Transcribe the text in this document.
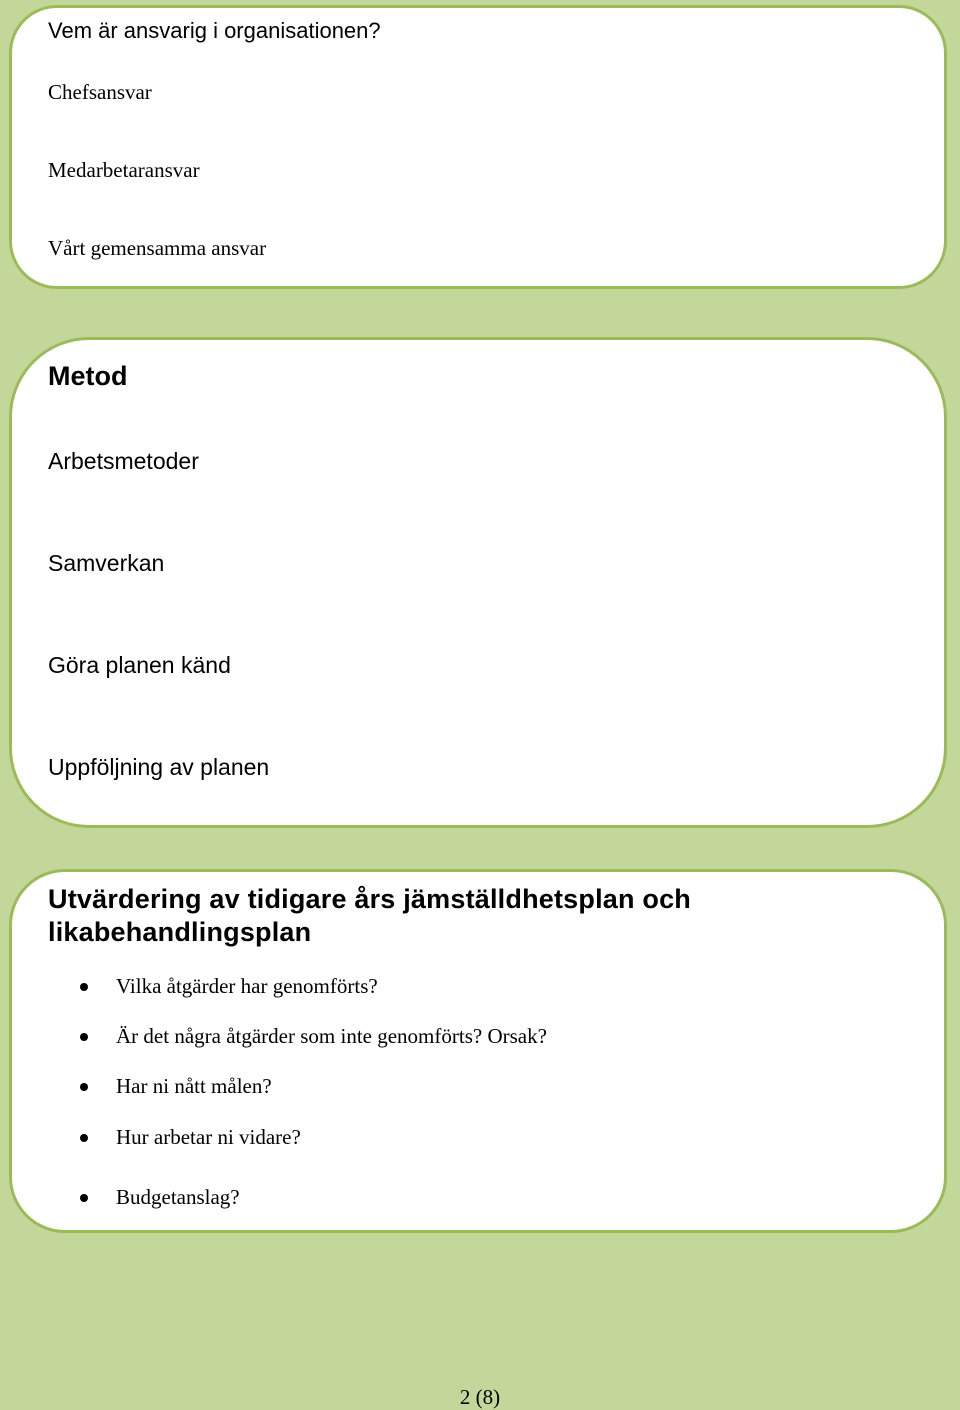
Vem är ansvarig i organisationen?
Chefsansvar
Medarbetaransvar
Vårt gemensamma ansvar
Metod
Arbetsmetoder
Samverkan
Göra planen känd
Uppföljning av planen
Utvärdering av tidigare års jämställdhetsplan och
likabehandlingsplan
Vilka åtgärder har genomförts?
Är det några åtgärder som inte genomförts? Orsak?
Har ni nått målen?
Hur arbetar ni vidare?
Budgetanslag?
2 (8)
